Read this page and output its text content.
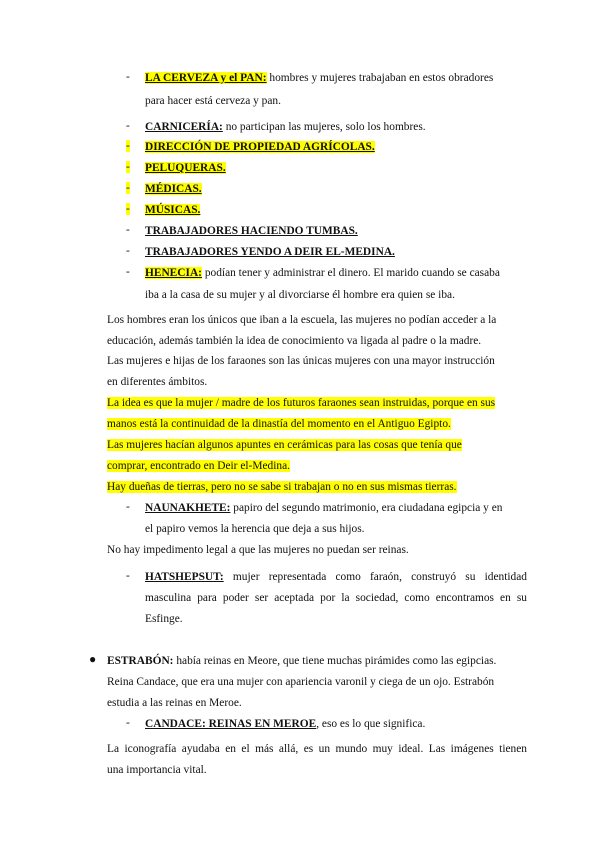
- LA CERVEZA y el PAN: hombres y mujeres trabajaban en estos obradores
para hacer está cerveza y pan.
- CARNICERÍA: no participan las mujeres, solo los hombres.
- DIRECCIÓN DE PROPIEDAD AGRÍCOLAS.
- PELUQUERAS.
- MÉDICAS.
- MÚSICAS.
- TRABAJADORES HACIENDO TUMBAS.
- TRABAJADORES YENDO A DEIR EL-MEDINA.
- HENECIA: podían tener y administrar el dinero. El marido cuando se casaba
iba a la casa de su mujer y al divorciarse él hombre era quien se iba.
Los hombres eran los únicos que iban a la escuela, las mujeres no podían acceder a la
educación, además también la idea de conocimiento va ligada al padre o la madre.
Las mujeres e hijas de los faraones son las únicas mujeres con una mayor instrucción
en diferentes ámbitos.
La idea es que la mujer / madre de los futuros faraones sean instruidas, porque en sus
manos está la continuidad de la dinastía del momento en el Antiguo Egipto.
Las mujeres hacían algunos apuntes en cerámicas para las cosas que tenía que
comprar, encontrado en Deir el-Medina.
Hay dueñas de tierras, pero no se sabe si trabajan o no en sus mismas tierras.
- NAUNAKHETE: papiro del segundo matrimonio, era ciudadana egipcia y en
el papiro vemos la herencia que deja a sus hijos.
No hay impedimento legal a que las mujeres no puedan ser reinas.
- HATSHEPSUT: mujer representada como faraón, construyó su identidad
masculina para poder ser aceptada por la sociedad, como encontramos en su
Esfinge.
● ESTRABÓN: había reinas en Meore, que tiene muchas pirámides como las egipcias.
Reina Candace, que era una mujer con apariencia varonil y ciega de un ojo. Estrabón
estudia a las reinas en Meroe.
- CANDACE: REINAS EN MEROE, eso es lo que significa.
La iconografía ayudaba en el más allá, es un mundo muy ideal. Las imágenes tienen
una importancia vital.
